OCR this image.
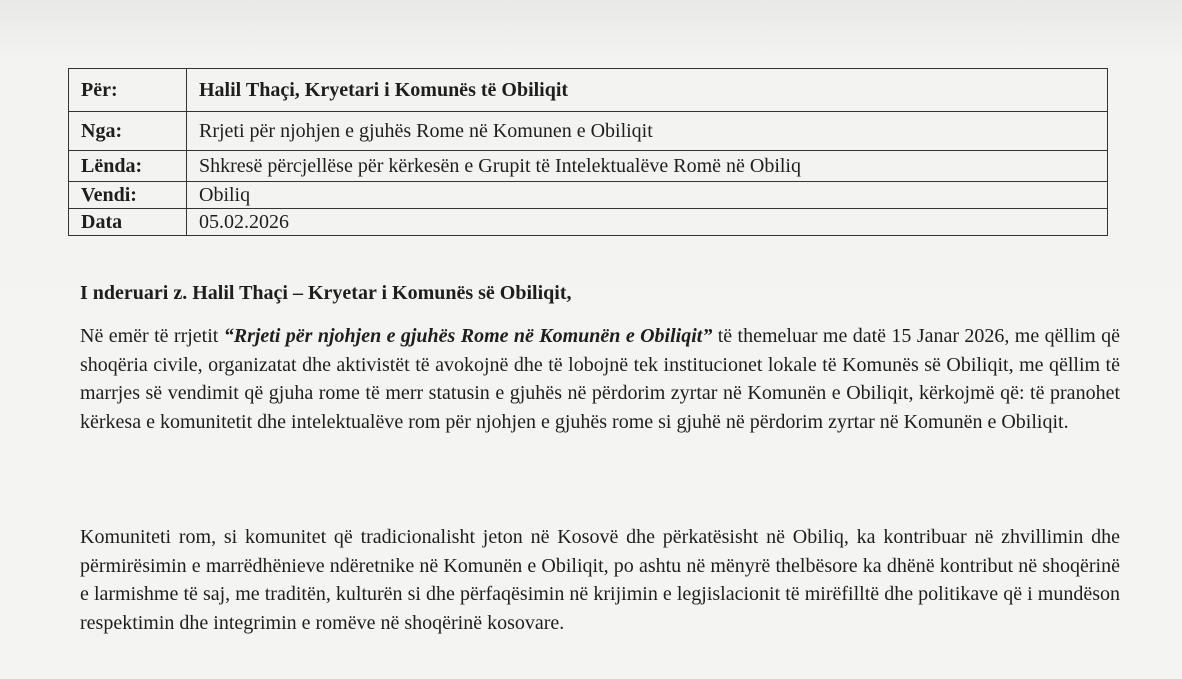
Për:	Halil Thaçi, Kryetari i Komunës të Obiliqit
Nga:	Rrjeti për njohjen e gjuhës Rome në Komunen e Obiliqit
Lënda:	Shkresë përcjellëse për kërkesën e Grupit të Intelektualëve Romë në Obiliq
Vendi:	Obiliq
Data	05.02.2026

I nderuari z. Halil Thaçi – Kryetar i Komunës së Obiliqit,

Në emër të rrjetit “Rrjeti për njohjen e gjuhës Rome në Komunën e Obiliqit” të themeluar me datë 15 Janar 2026, me qëllim që shoqëria civile, organizatat dhe aktivistët të avokojnë dhe të lobojnë tek institucionet lokale të Komunës së Obiliqit, me qëllim të marrjes së vendimit që gjuha rome të merr statusin e gjuhës në përdorim zyrtar në Komunën e Obiliqit, kërkojmë që: të pranohet kërkesa e komunitetit dhe intelektualëve rom për njohjen e gjuhës rome si gjuhë në përdorim zyrtar në Komunën e Obiliqit.

Komuniteti rom, si komunitet që tradicionalisht jeton në Kosovë dhe përkatësisht në Obiliq, ka kontribuar në zhvillimin dhe përmirësimin e marrëdhënieve ndëretnike në Komunën e Obiliqit, po ashtu në mënyrë thelbësore ka dhënë kontribut në shoqërinë e larmishme të saj, me traditën, kulturën si dhe përfaqësimin në krijimin e legjislacionit të mirëfilltë dhe politikave që i mundëson respektimin dhe integrimin e romëve në shoqërinë kosovare.
